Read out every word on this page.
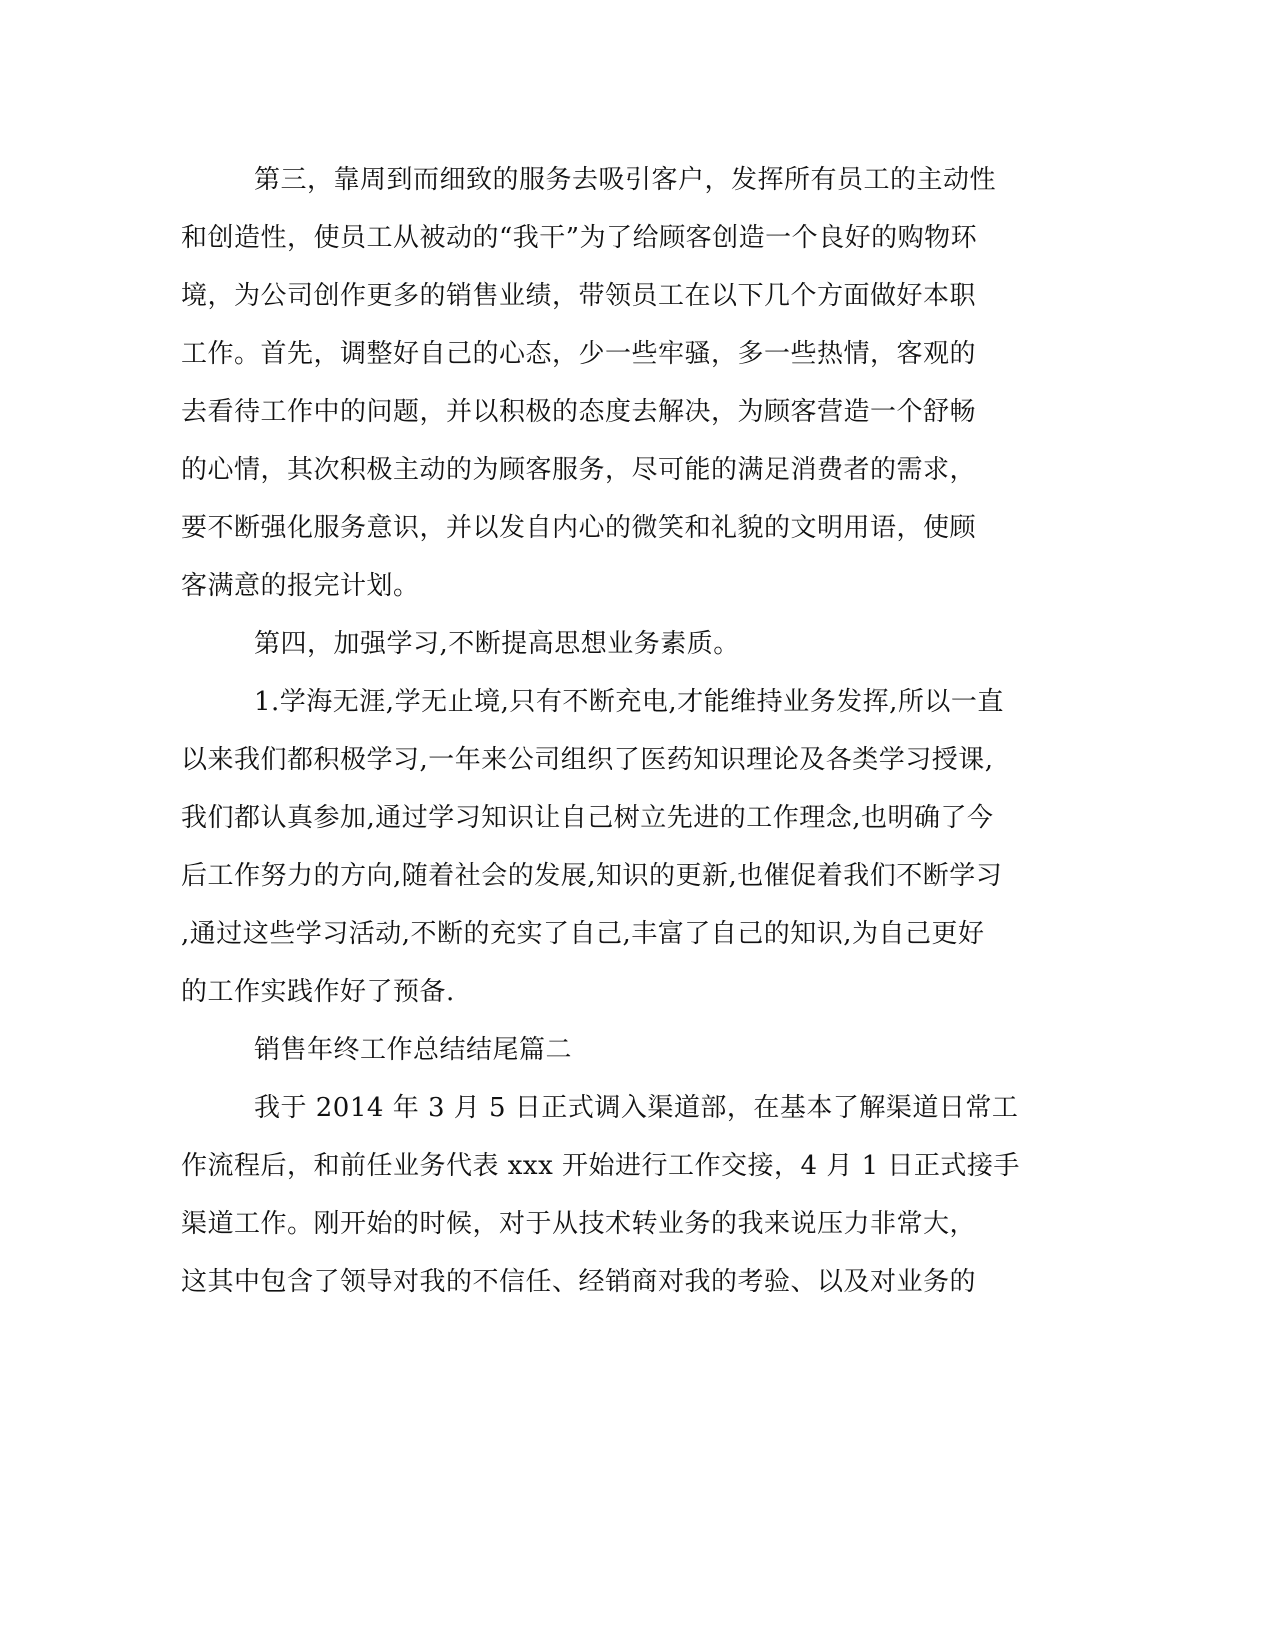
第三，靠周到而细致的服务去吸引客户，发挥所有员工的主动性
和创造性，使员工从被动的“我干”为了给顾客创造一个良好的购物环
境，为公司创作更多的销售业绩，带领员工在以下几个方面做好本职
工作。首先，调整好自己的心态，少一些牢骚，多一些热情，客观的
去看待工作中的问题，并以积极的态度去解决，为顾客营造一个舒畅
的心情，其次积极主动的为顾客服务，尽可能的满足消费者的需求，
要不断强化服务意识，并以发自内心的微笑和礼貌的文明用语，使顾
客满意的报完计划。
第四，加强学习,不断提高思想业务素质。
1.学海无涯,学无止境,只有不断充电,才能维持业务发挥,所以一直
以来我们都积极学习,一年来公司组织了医药知识理论及各类学习授课,
我们都认真参加,通过学习知识让自己树立先进的工作理念,也明确了今
后工作努力的方向,随着社会的发展,知识的更新,也催促着我们不断学习
,通过这些学习活动,不断的充实了自己,丰富了自己的知识,为自己更好
的工作实践作好了预备.
销售年终工作总结结尾篇二
我于 2014 年 3 月 5 日正式调入渠道部，在基本了解渠道日常工
作流程后，和前任业务代表 xxx 开始进行工作交接，4 月 1 日正式接手
渠道工作。刚开始的时候，对于从技术转业务的我来说压力非常大，
这其中包含了领导对我的不信任、经销商对我的考验、以及对业务的
